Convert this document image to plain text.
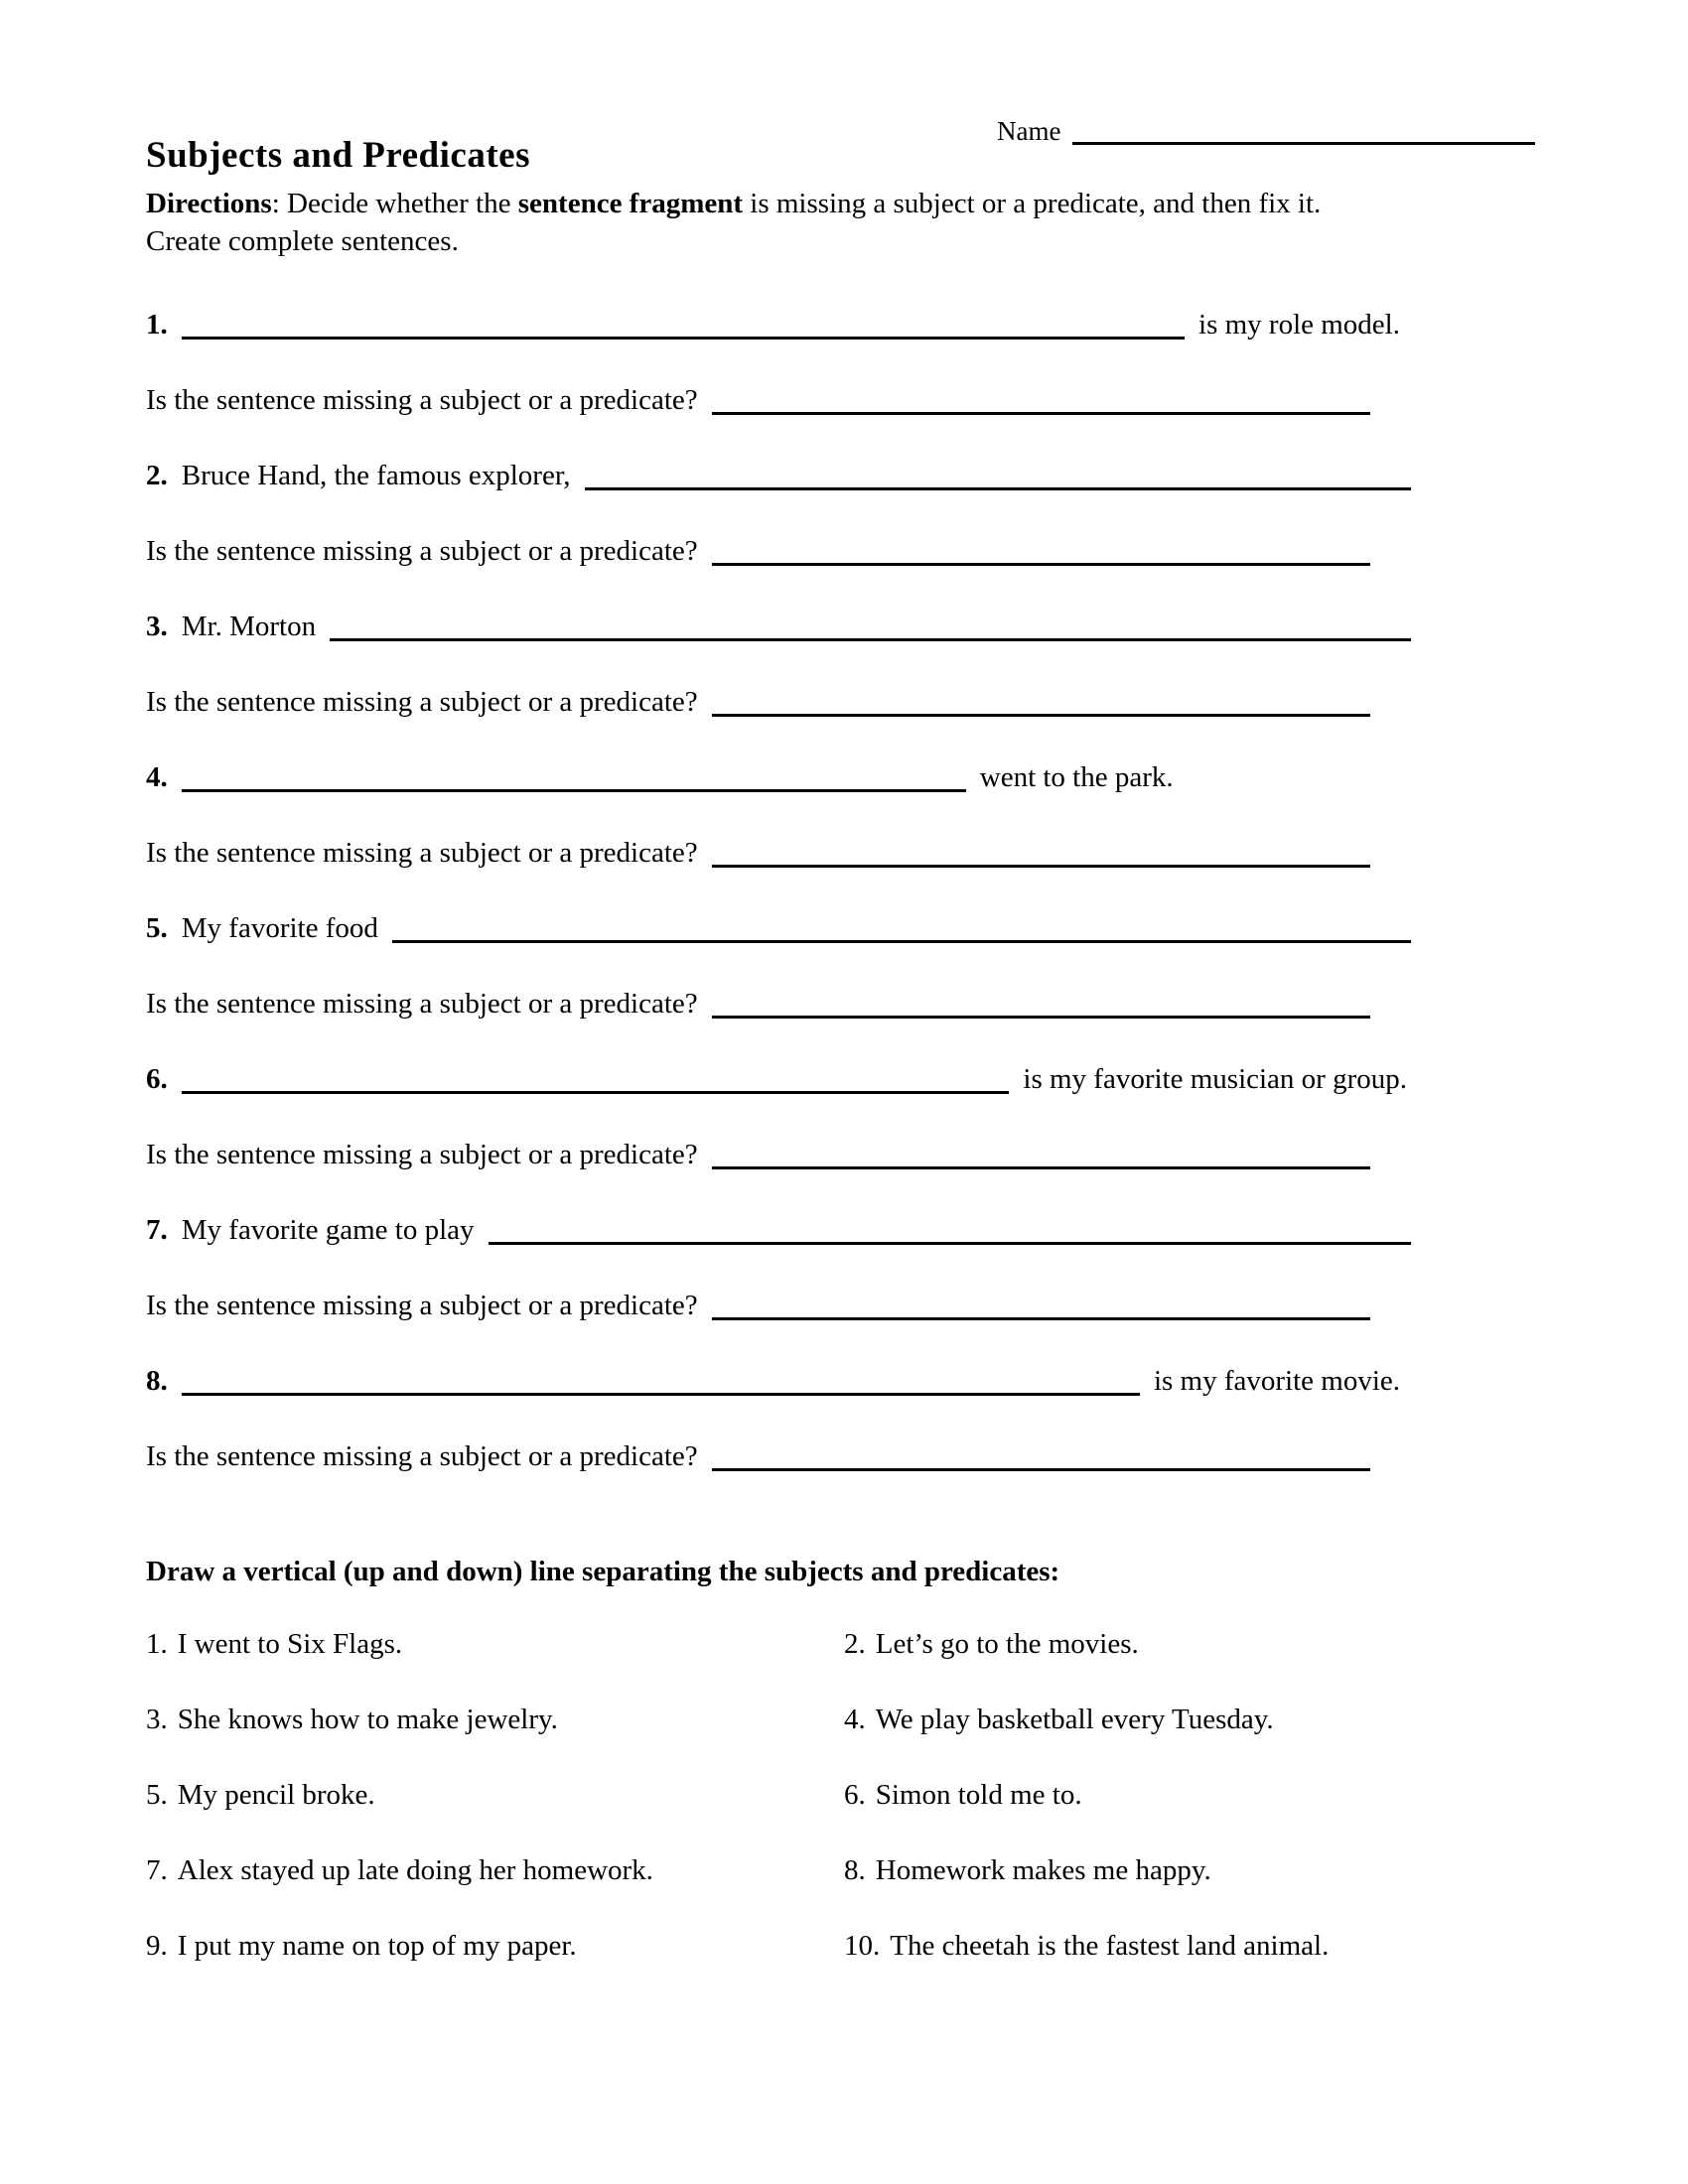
Name
Subjects and Predicates

Directions: Decide whether the sentence fragment is missing a subject or a predicate, and then fix it.
Create complete sentences.

1.	is my role model.
Is the sentence missing a subject or a predicate?
2. Bruce Hand, the famous explorer,
Is the sentence missing a subject or a predicate?
3. Mr. Morton
Is the sentence missing a subject or a predicate?
4.	went to the park.
Is the sentence missing a subject or a predicate?
5. My favorite food
Is the sentence missing a subject or a predicate?
6.	is my favorite musician or group.
Is the sentence missing a subject or a predicate?
7. My favorite game to play
Is the sentence missing a subject or a predicate?
8.	is my favorite movie.
Is the sentence missing a subject or a predicate?
Draw a vertical (up and down) line separating the subjects and predicates:
1. I went to Six Flags.	2. Let’s go to the movies.
3. She knows how to make jewelry.	4. We play basketball every Tuesday.
5. My pencil broke.	6. Simon told me to.
7. Alex stayed up late doing her homework.	8. Homework makes me happy.
9. I put my name on top of my paper.	10. The cheetah is the fastest land animal.
